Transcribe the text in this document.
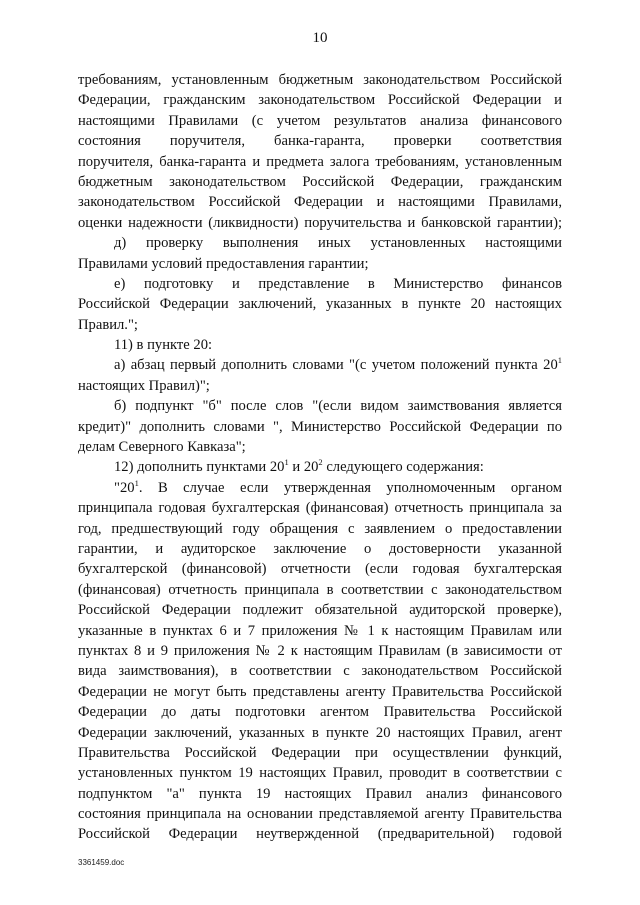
10
требованиям, установленным бюджетным законодательством Российской
Федерации, гражданским законодательством Российской Федерации и
настоящими Правилами (с учетом результатов анализа финансового
состояния поручителя, банка-гаранта, проверки соответствия
поручителя, банка-гаранта и предмета залога требованиям, установленным
бюджетным законодательством Российской Федерации, гражданским
законодательством Российской Федерации и настоящими Правилами,
оценки надежности (ликвидности) поручительства и банковской гарантии);
д) проверку выполнения иных установленных настоящими
Правилами условий предоставления гарантии;
е) подготовку и представление в Министерство финансов
Российской Федерации заключений, указанных в пункте 20 настоящих
Правил.";
11) в пункте 20:
а) абзац первый дополнить словами "(с учетом положений пункта $20^1$
настоящих Правил)";
б) подпункт "б" после слов "(если видом заимствования является
кредит)" дополнить словами ", Министерство Российской Федерации по
делам Северного Кавказа";
12) дополнить пунктами $20^1$ и $20^2$ следующего содержания:
"$20^1$. В случае если утвержденная уполномоченным органом
принципала годовая бухгалтерская (финансовая) отчетность принципала за
год, предшествующий году обращения с заявлением о предоставлении
гарантии, и аудиторское заключение о достоверности указанной
бухгалтерской (финансовой) отчетности (если годовая бухгалтерская
(финансовая) отчетность принципала в соответствии с законодательством
Российской Федерации подлежит обязательной аудиторской проверке),
указанные в пунктах 6 и 7 приложения № 1 к настоящим Правилам или
пунктах 8 и 9 приложения № 2 к настоящим Правилам (в зависимости от
вида заимствования), в соответствии с законодательством Российской
Федерации не могут быть представлены агенту Правительства Российской
Федерации до даты подготовки агентом Правительства Российской
Федерации заключений, указанных в пункте 20 настоящих Правил, агент
Правительства Российской Федерации при осуществлении функций,
установленных пунктом 19 настоящих Правил, проводит в соответствии с
подпунктом "а" пункта 19 настоящих Правил анализ финансового
состояния принципала на основании представляемой агенту Правительства
Российской Федерации неутвержденной (предварительной) годовой
3361459.doc
